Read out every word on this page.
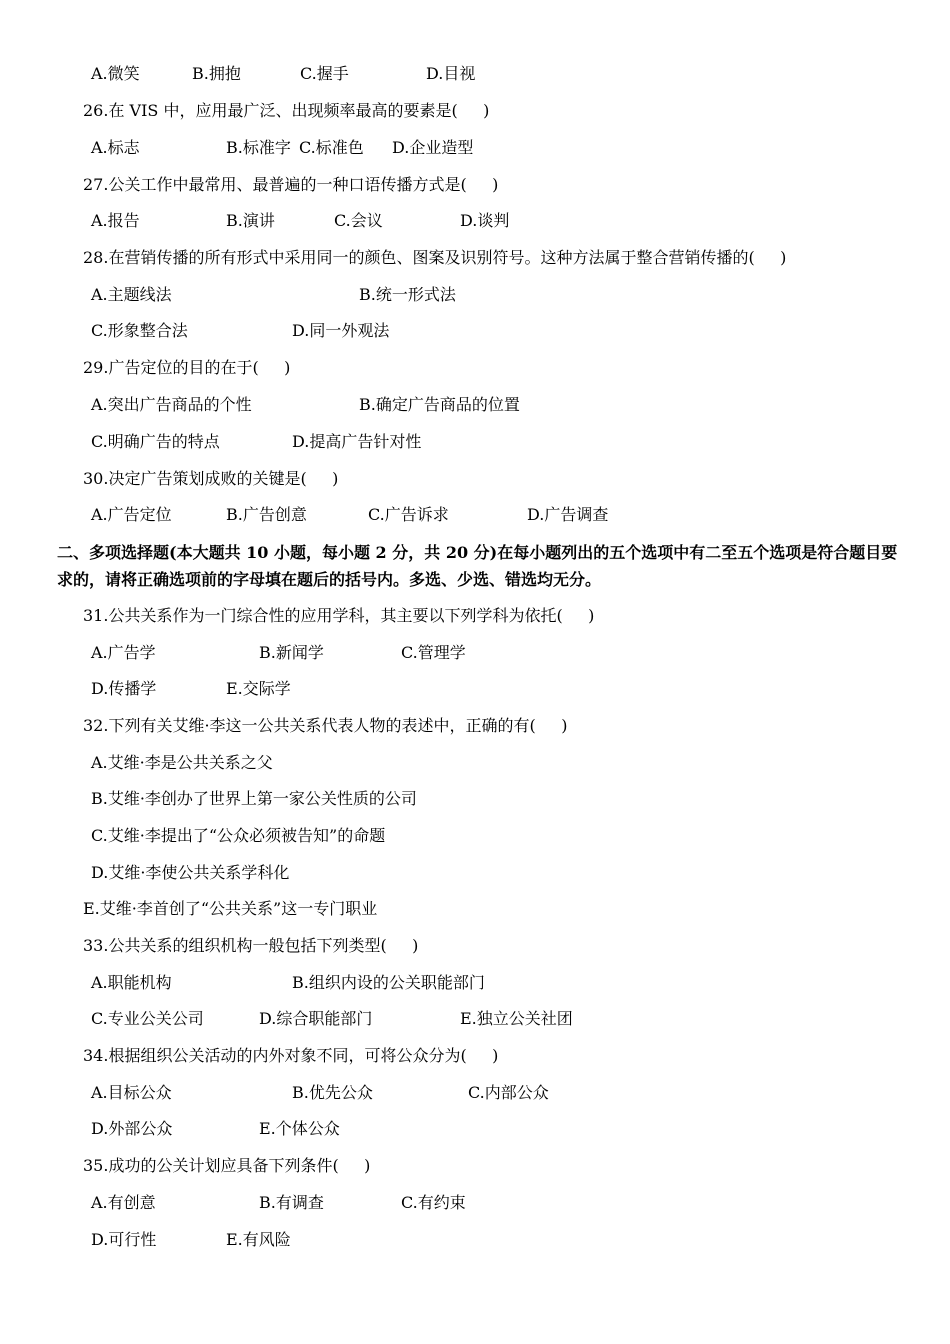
A.微笑	B.拥抱	C.握手	D.目视
26.在 VIS 中，应用最广泛、出现频率最高的要素是(     )
A.标志	B.标准字 C.标准色 D.企业造型
27.公关工作中最常用、最普遍的一种口语传播方式是(     )
A.报告	B.演讲	C.会议	D.谈判
28.在营销传播的所有形式中采用同一的颜色、图案及识别符号。这种方法属于整合营销传播的(     )
A.主题线法	B.统一形式法
C.形象整合法	D.同一外观法
29.广告定位的目的在于(     )
A.突出广告商品的个性	B.确定广告商品的位置
C.明确广告的特点	D.提高广告针对性
30.决定广告策划成败的关键是(     )
A.广告定位	B.广告创意	C.广告诉求	D.广告调查
二、多项选择题(本大题共 10 小题，每小题 2 分，共 20 分)在每小题列出的五个选项中有二至五个选项是符合题目要
求的，请将正确选项前的字母填在题后的括号内。多选、少选、错选均无分。
31.公共关系作为一门综合性的应用学科，其主要以下列学科为依托(     )
A.广告学	B.新闻学	C.管理学
D.传播学	E.交际学
32.下列有关艾维·李这一公共关系代表人物的表述中，正确的有(     )
A.艾维·李是公共关系之父
B.艾维·李创办了世界上第一家公关性质的公司
C.艾维·李提出了“公众必须被告知”的命题
D.艾维·李使公共关系学科化
E.艾维·李首创了“公共关系”这一专门职业
33.公共关系的组织机构一般包括下列类型(     )
A.职能机构	B.组织内设的公关职能部门
C.专业公关公司	D.综合职能部门	E.独立公关社团
34.根据组织公关活动的内外对象不同，可将公众分为(     )
A.目标公众	B.优先公众	C.内部公众
D.外部公众	E.个体公众
35.成功的公关计划应具备下列条件(     )
A.有创意	B.有调查	C.有约束
D.可行性	E.有风险
